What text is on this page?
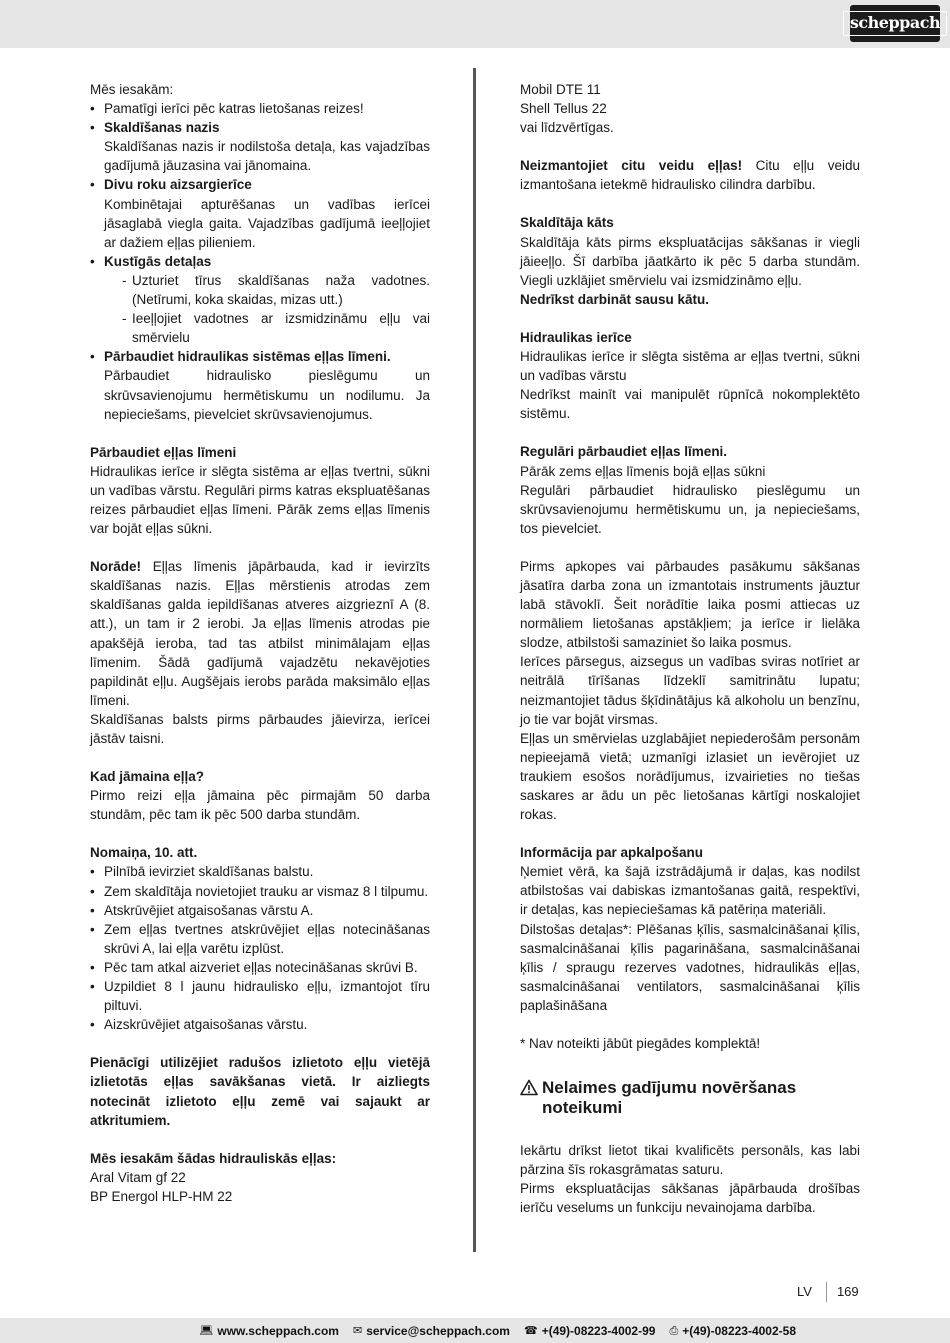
scheppach

Mēs iesakām:

• Pamatīgi ierīci pēc katras lietošanas reizes!
• Skaldīšanas nazis

Skaldīšanas nazis ir nodilstoša detaļa, kas vajadzības gadījumā jāuzasina vai jānomaina.

• Divu roku aizsargierīce

Kombinētajai apturēšanas un vadības ierīcei jāsaglabā viegla gaita. Vajadzības gadījumā ieeļļojiet ar dažiem eļļas pilieniem.

• Kustīgās detaļas
- Uzturiet tīrus skaldīšanas naža vadotnes. (Netīrumi, koka skaidas, mizas utt.)
- Ieeļļojiet vadotnes ar izsmidzināmu eļļu vai smērvielu
• Pārbaudiet hidraulikas sistēmas eļļas līmeni.

Pārbaudiet hidraulisko pieslēgumu un skrūvsavienojumu hermētiskumu un nodilumu. Ja nepieciešams, pievelciet skrūvsavienojumus.

Pārbaudiet eļļas līmeni

Hidraulikas ierīce ir slēgta sistēma ar eļļas tvertni, sūkni un vadības vārstu. Regulāri pirms katras ekspluatēšanas reizes pārbaudiet eļļas līmeni. Pārāk zems eļļas līmenis var bojāt eļļas sūkni.

Norāde! Eļļas līmenis jāpārbauda, kad ir ievirzīts skaldīšanas nazis. Eļļas mērstienis atrodas zem skaldīšanas galda iepildīšanas atveres aizgrieznī A (8. att.), un tam ir 2 ierobi. Ja eļļas līmenis atrodas pie apakšējā ieroba, tad tas atbilst minimālajam eļļas līmenim. Šādā gadījumā vajadzētu nekavējoties papildināt eļļu. Augšējais ierobs parāda maksimālo eļļas līmeni.

Skaldīšanas balsts pirms pārbaudes jāievirza, ierīcei jāstāv taisni.

Kad jāmaina eļļa?

Pirmo reizi eļļa jāmaina pēc pirmajām 50 darba stundām, pēc tam ik pēc 500 darba stundām.

Nomaiņa, 10. att.

• Pilnībā ievirziet skaldīšanas balstu.
• Zem skaldītāja novietojiet trauku ar vismaz 8 l tilpumu.
• Atskrūvējiet atgaisošanas vārstu A.
• Zem eļļas tvertnes atskrūvējiet eļļas notecināšanas skrūvi A, lai eļļa varētu izplūst.
• Pēc tam atkal aizveriet eļļas notecināšanas skrūvi B.
• Uzpildiet 8 l jaunu hidraulisko eļļu, izmantojot tīru piltuvi.
• Aizskrūvējiet atgaisošanas vārstu.

Pienācīgi utilizējiet radušos izlietoto eļļu vietējā izlietotās eļļas savākšanas vietā. Ir aizliegts notecināt izlietoto eļļu zemē vai sajaukt ar atkritumiem.

Mēs iesakām šādas hidrauliskās eļļas:

Aral Vitam gf 22

BP Energol HLP-HM 22

Mobil DTE 11

Shell Tellus 22

vai līdzvērtīgas.

Neizmantojiet citu veidu eļļas! Citu eļļu veidu izmantošana ietekmē hidraulisko cilindra darbību.

Skaldītāja kāts

Skaldītāja kāts pirms ekspluatācijas sākšanas ir viegli jāieeļļo. Šī darbība jāatkārto ik pēc 5 darba stundām. Viegli uzklājiet smērvielu vai izsmidzināmo eļļu.

Nedrīkst darbināt sausu kātu.

Hidraulikas ierīce

Hidraulikas ierīce ir slēgta sistēma ar eļļas tvertni, sūkni un vadības vārstu

Nedrīkst mainīt vai manipulēt rūpnīcā nokomplektēto sistēmu.

Regulāri pārbaudiet eļļas līmeni.

Pārāk zems eļļas līmenis bojā eļļas sūkni

Regulāri pārbaudiet hidraulisko pieslēgumu un skrūvsavienojumu hermētiskumu un, ja nepieciešams, tos pievelciet.

Pirms apkopes vai pārbaudes pasākumu sākšanas jāsatīra darba zona un izmantotais instruments jāuztur labā stāvoklī. Šeit norādītie laika posmi attiecas uz normāliem lietošanas apstākļiem; ja ierīce ir lielāka slodze, atbilstoši samaziniet šo laika posmus.

Ierīces pārsegus, aizsegus un vadības sviras notīriet ar neitrālā tīrīšanas līdzeklī samitrinātu lupatu; neizmantojiet tādus šķīdinātājus kā alkoholu un benzīnu, jo tie var bojāt virsmas.

Eļļas un smērvielas uzglabājiet nepiederošām personām nepieejamā vietā; uzmanīgi izlasiet un ievērojiet uz traukiem esošos norādījumus, izvairieties no tiešas saskares ar ādu un pēc lietošanas kārtīgi noskalojiet rokas.

Informācija par apkalpošanu

Ņemiet vērā, ka šajā izstrādājumā ir daļas, kas nodilst atbilstošas vai dabiskas izmantošanas gaitā, respektīvi, ir detaļas, kas nepieciešamas kā patēriņa materiāli.

Dilstošas detaļas*: Plēšanas ķīlis, sasmalcināšanai ķīlis, sasmalcināšanai ķīlis pagarināšana, sasmalcināšanai ķīlis / spraugu rezerves vadotnes, hidraulikās eļļas, sasmalcināšanai ventilators, sasmalcināšanai ķīlis paplašināšana

* Nav noteikti jābūt piegādes komplektā!

Nelaimes gadījumu novēršanas noteikumi

Iekārtu drīkst lietot tikai kvalificēts personāls, kas labi pārzina šīs rokasgrāmatas saturu.

Pirms ekspluatācijas sākšanas jāpārbauda drošības ierīču veselums un funkciju nevainojama darbība.

LV 169
💻︎ www.scheppach.com ✉︎ service@scheppach.com ☎︎ +(49)-08223-4002-99 ⎙ +(49)-08223-4002-58
